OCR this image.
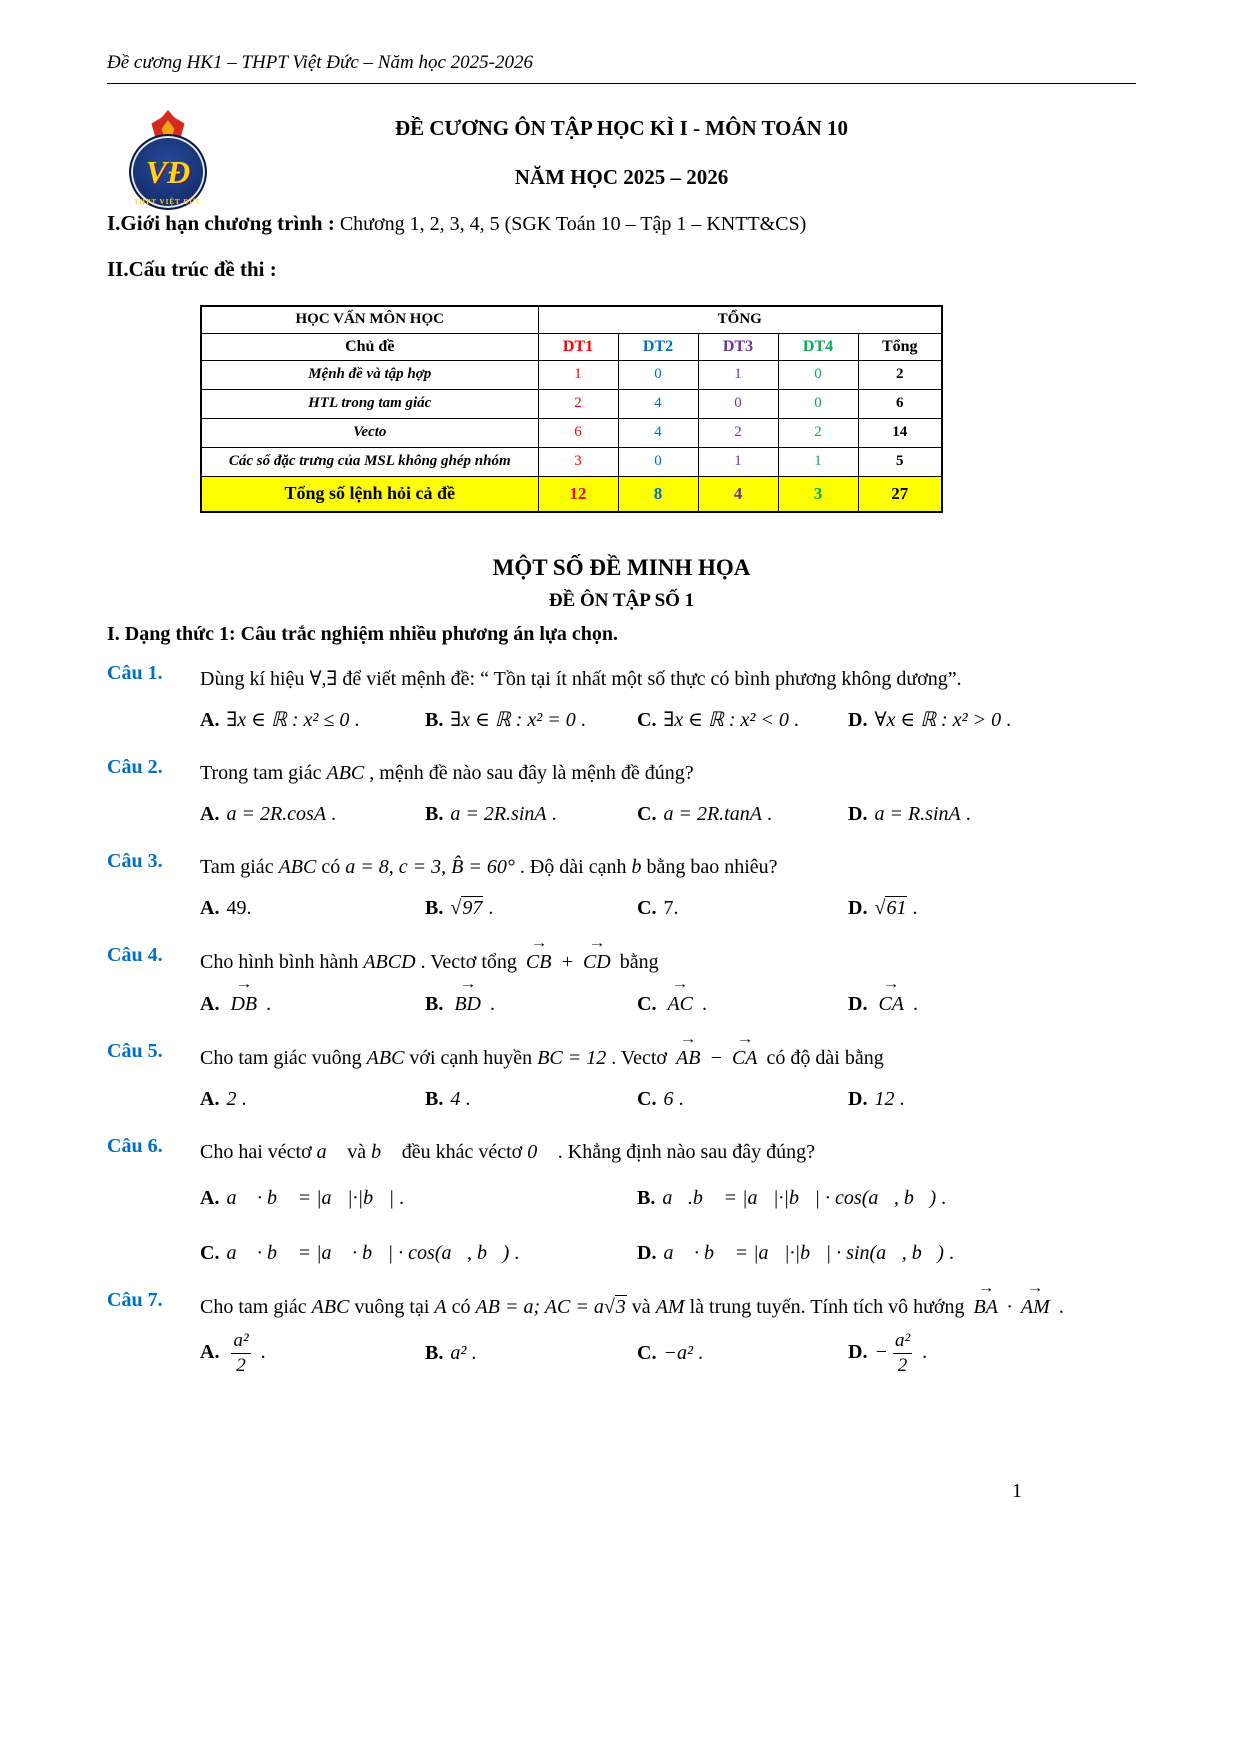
Đề cương HK1 – THPT Việt Đức – Năm học 2025-2026
VĐ
THPT VIỆT ĐỨC
ĐỀ CƯƠNG ÔN TẬP HỌC KÌ I - MÔN TOÁN 10
NĂM HỌC 2025 – 2026

I.Giới hạn chương trình : Chương 1, 2, 3, 4, 5 (SGK Toán 10 – Tập 1 – KNTT&CS)

II.Cấu trúc đề thi :

HỌC VẤN MÔN HỌC	TỔNG				
Chủ đề	DT1	DT2	DT3	DT4	Tổng
Mệnh đề và tập hợp	1	0	1	0	2
HTL trong tam giác	2	4	0	0	6
Vecto	6	4	2	2	14
Các số đặc trưng của MSL không ghép nhóm	3	0	1	1	5
Tổng số lệnh hỏi cả đề	12	8	4	3	27
MỘT SỐ ĐỀ MINH HỌA
ĐỀ ÔN TẬP SỐ 1
I. Dạng thức 1: Câu trắc nghiệm nhiều phương án lựa chọn.
Câu 1.	Dùng kí hiệu ∀,∃ để viết mệnh đề: “ Tồn tại ít nhất một số thực có bình phương không dương”.
A. ∃x ∈ ℝ : x² ≤ 0 .	B. ∃x ∈ ℝ : x² = 0 .	C. ∃x ∈ ℝ : x² < 0 .	D. ∀x ∈ ℝ : x² > 0 .
Câu 2.	Trong tam giác ABC , mệnh đề nào sau đây là mệnh đề đúng?
A. a = 2R.cosA .	B. a = 2R.sinA .	C. a = 2R.tanA .	D. a = R.sinA .
Câu 3.	Tam giác ABC có a = 8, c = 3, B̂ = 60° . Độ dài cạnh b bằng bao nhiêu?
A. 49.	B. √ 97 .	C. 7.	D. √ 61 .
Câu 4.	Cho hình bình hành ABCD . Vectơ tổng → CB + → CD bằng
A. → DB .	B. → BD .	C. → AC .	D. → CA .
Câu 5.	Cho tam giác vuông ABC với cạnh huyền BC = 12 . Vectơ → AB − → CA có độ dài bằng
A. 2 .	B. 4 .	C. 6 .	D. 12 .
Câu 6.	Cho hai véctơ a⃗ và b⃗ đều khác véctơ 0⃗ . Khẳng định nào sau đây đúng?
A. a⃗ · b⃗ = |a⃗|·|b⃗| .	B. a⃗.b⃗ = |a⃗|·|b⃗| · cos(a⃗, b⃗) .
C. a⃗ · b⃗ = |a⃗ · b⃗| · cos(a⃗, b⃗) .	D. a⃗ · b⃗ = |a⃗|·|b⃗| · sin(a⃗, b⃗) .
Câu 7.	Cho tam giác ABC vuông tại A có AB = a; AC = a √ 3 và AM là trung tuyến. Tính tích vô hướng → BA · → AM .
A. $\frac{\text{a²}}{2}$ .	B. a² .	C. −a² .	D. − $\frac{\text{a²}}{2}$ .
1
